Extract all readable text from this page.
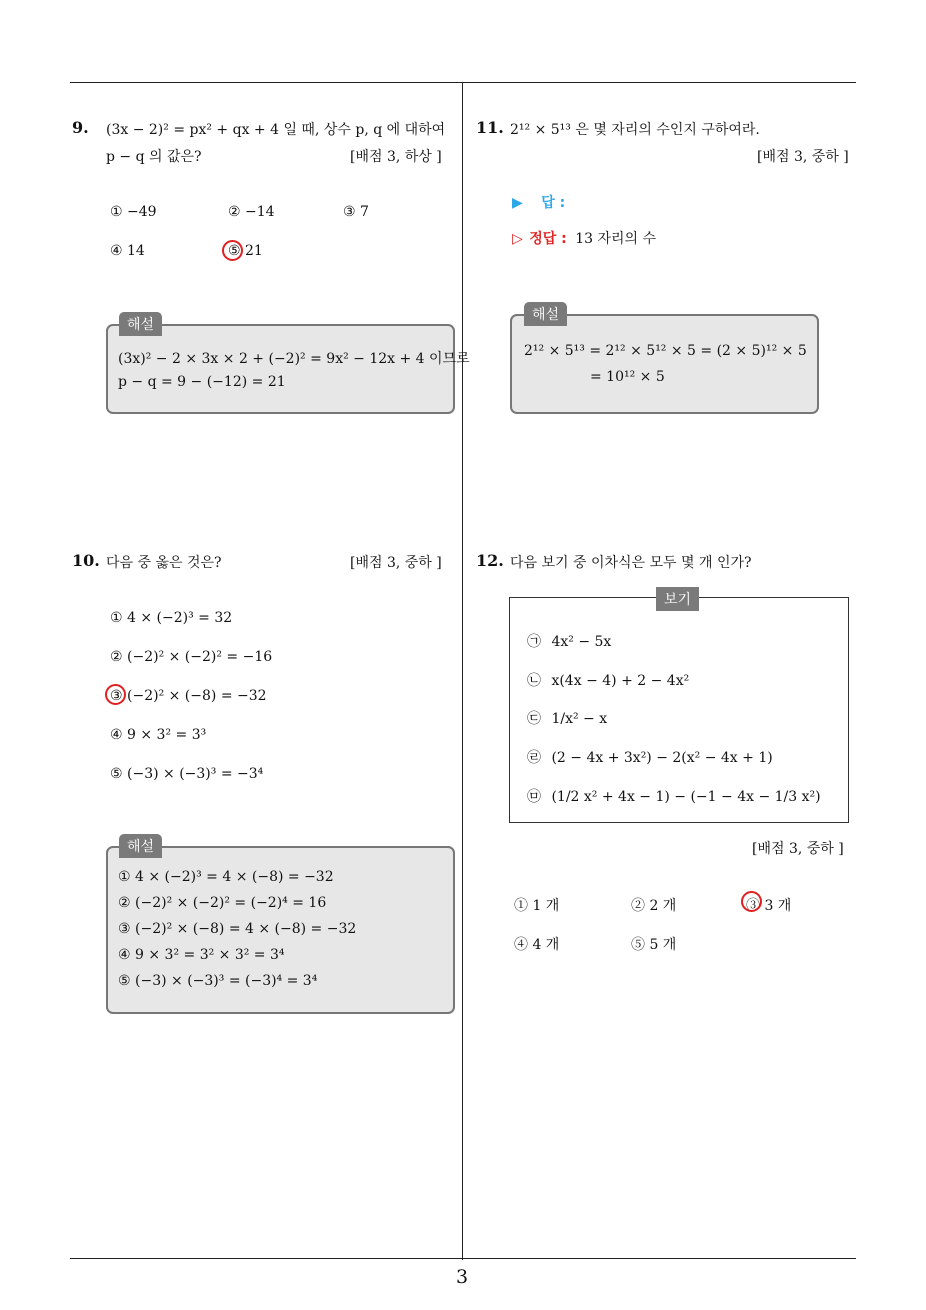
3
9. (3x − 2)² = px² + qx + 4 일 때, 상수 p, q 에 대하여
p − q 의 값은?	[배점 3, 하상 ]
① −49	② −14	③ 7
④ 14	⑤ 21
해설
(3x)² − 2 × 3x × 2 + (−2)² = 9x² − 12x + 4 이므로
p − q = 9 − (−12) = 21
10. 다음 중 옳은 것은?	[배점 3, 중하 ]
① 4 × (−2)³ = 32
② (−2)² × (−2)² = −16
③ (−2)² × (−8) = −32
④ 9 × 3² = 3³
⑤ (−3) × (−3)³ = −3⁴
해설
① 4 × (−2)³ = 4 × (−8) = −32
② (−2)² × (−2)² = (−2)⁴ = 16
③ (−2)² × (−8) = 4 × (−8) = −32
④ 9 × 3² = 3² × 3² = 3⁴
⑤ (−3) × (−3)³ = (−3)⁴ = 3⁴
11. 2¹² × 5¹³ 은 몇 자리의 수인지 구하여라.
[배점 3, 중하 ]
▶ 답 :
▷ 정답 : 13 자리의 수
해설
2¹² × 5¹³ = 2¹² × 5¹² × 5 = (2 × 5)¹² × 5
= 10¹² × 5
12. 다음 보기 중 이차식은 모두 몇 개 인가?
보기
㉠ 4x² − 5x
㉡ x(4x − 4) + 2 − 4x²
㉢ 1/x² − x
㉣ (2 − 4x + 3x²) − 2(x² − 4x + 1)
㉤ (1/2 x² + 4x − 1) − (−1 − 4x − 1/3 x²)
[배점 3, 중하 ]
① 1 개	② 2 개	③ 3 개
④ 4 개	⑤ 5 개
